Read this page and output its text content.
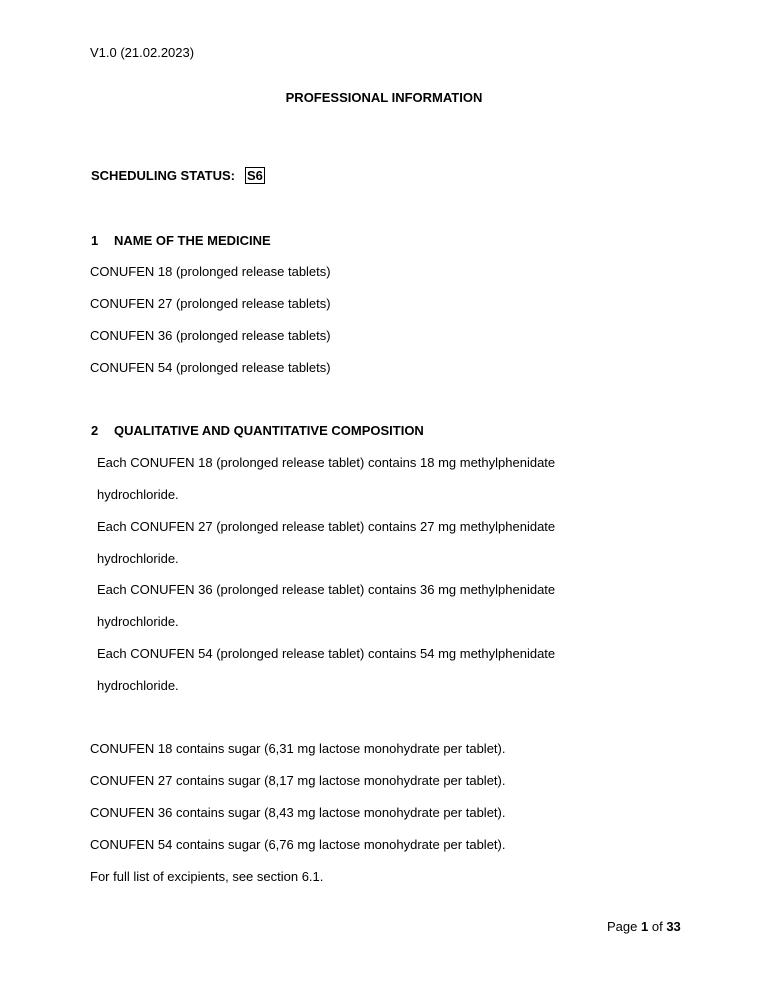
V1.0 (21.02.2023)
PROFESSIONAL INFORMATION
SCHEDULING STATUS: S6
1 NAME OF THE MEDICINE
CONUFEN 18 (prolonged release tablets)
CONUFEN 27 (prolonged release tablets)
CONUFEN 36 (prolonged release tablets)
CONUFEN 54 (prolonged release tablets)
2 QUALITATIVE AND QUANTITATIVE COMPOSITION
Each CONUFEN 18 (prolonged release tablet) contains 18 mg methylphenidate
hydrochloride.
Each CONUFEN 27 (prolonged release tablet) contains 27 mg methylphenidate
hydrochloride.
Each CONUFEN 36 (prolonged release tablet) contains 36 mg methylphenidate
hydrochloride.
Each CONUFEN 54 (prolonged release tablet) contains 54 mg methylphenidate
hydrochloride.
CONUFEN 18 contains sugar (6,31 mg lactose monohydrate per tablet).
CONUFEN 27 contains sugar (8,17 mg lactose monohydrate per tablet).
CONUFEN 36 contains sugar (8,43 mg lactose monohydrate per tablet).
CONUFEN 54 contains sugar (6,76 mg lactose monohydrate per tablet).
For full list of excipients, see section 6.1.
Page 1 of 33
